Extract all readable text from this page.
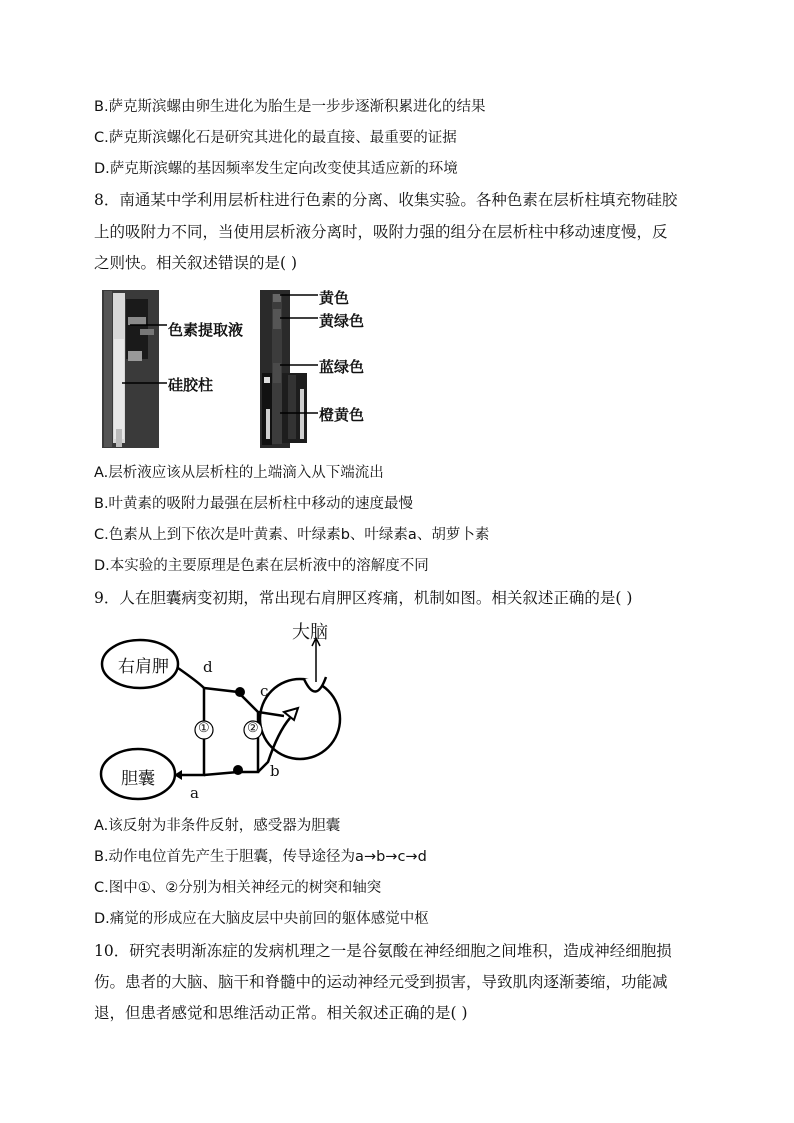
B.萨克斯滨螺由卵生进化为胎生是一步步逐渐积累进化的结果
C.萨克斯滨螺化石是研究其进化的最直接、最重要的证据
D.萨克斯滨螺的基因频率发生定向改变使其适应新的环境
8．南通某中学利用层析柱进行色素的分离、收集实验。各种色素在层析柱填充物硅胶
上的吸附力不同，当使用层析液分离时，吸附力强的组分在层析柱中移动速度慢，反
之则快。相关叙述错误的是( )
色素提取液
硅胶柱
黄色
黄绿色
蓝绿色
橙黄色
A.层析液应该从层析柱的上端滴入从下端流出
B.叶黄素的吸附力最强在层析柱中移动的速度最慢
C.色素从上到下依次是叶黄素、叶绿素b、叶绿素a、胡萝卜素
D.本实验的主要原理是色素在层析液中的溶解度不同
9．人在胆囊病变初期，常出现右肩胛区疼痛，机制如图。相关叙述正确的是( )
大脑
右肩胛
胆囊
d
c
b
a
①	②
A.该反射为非条件反射，感受器为胆囊
B.动作电位首先产生于胆囊，传导途径为a→b→c→d
C.图中①、②分别为相关神经元的树突和轴突
D.痛觉的形成应在大脑皮层中央前回的躯体感觉中枢
10．研究表明渐冻症的发病机理之一是谷氨酸在神经细胞之间堆积，造成神经细胞损
伤。患者的大脑、脑干和脊髓中的运动神经元受到损害，导致肌肉逐渐萎缩，功能减
退，但患者感觉和思维活动正常。相关叙述正确的是( )
